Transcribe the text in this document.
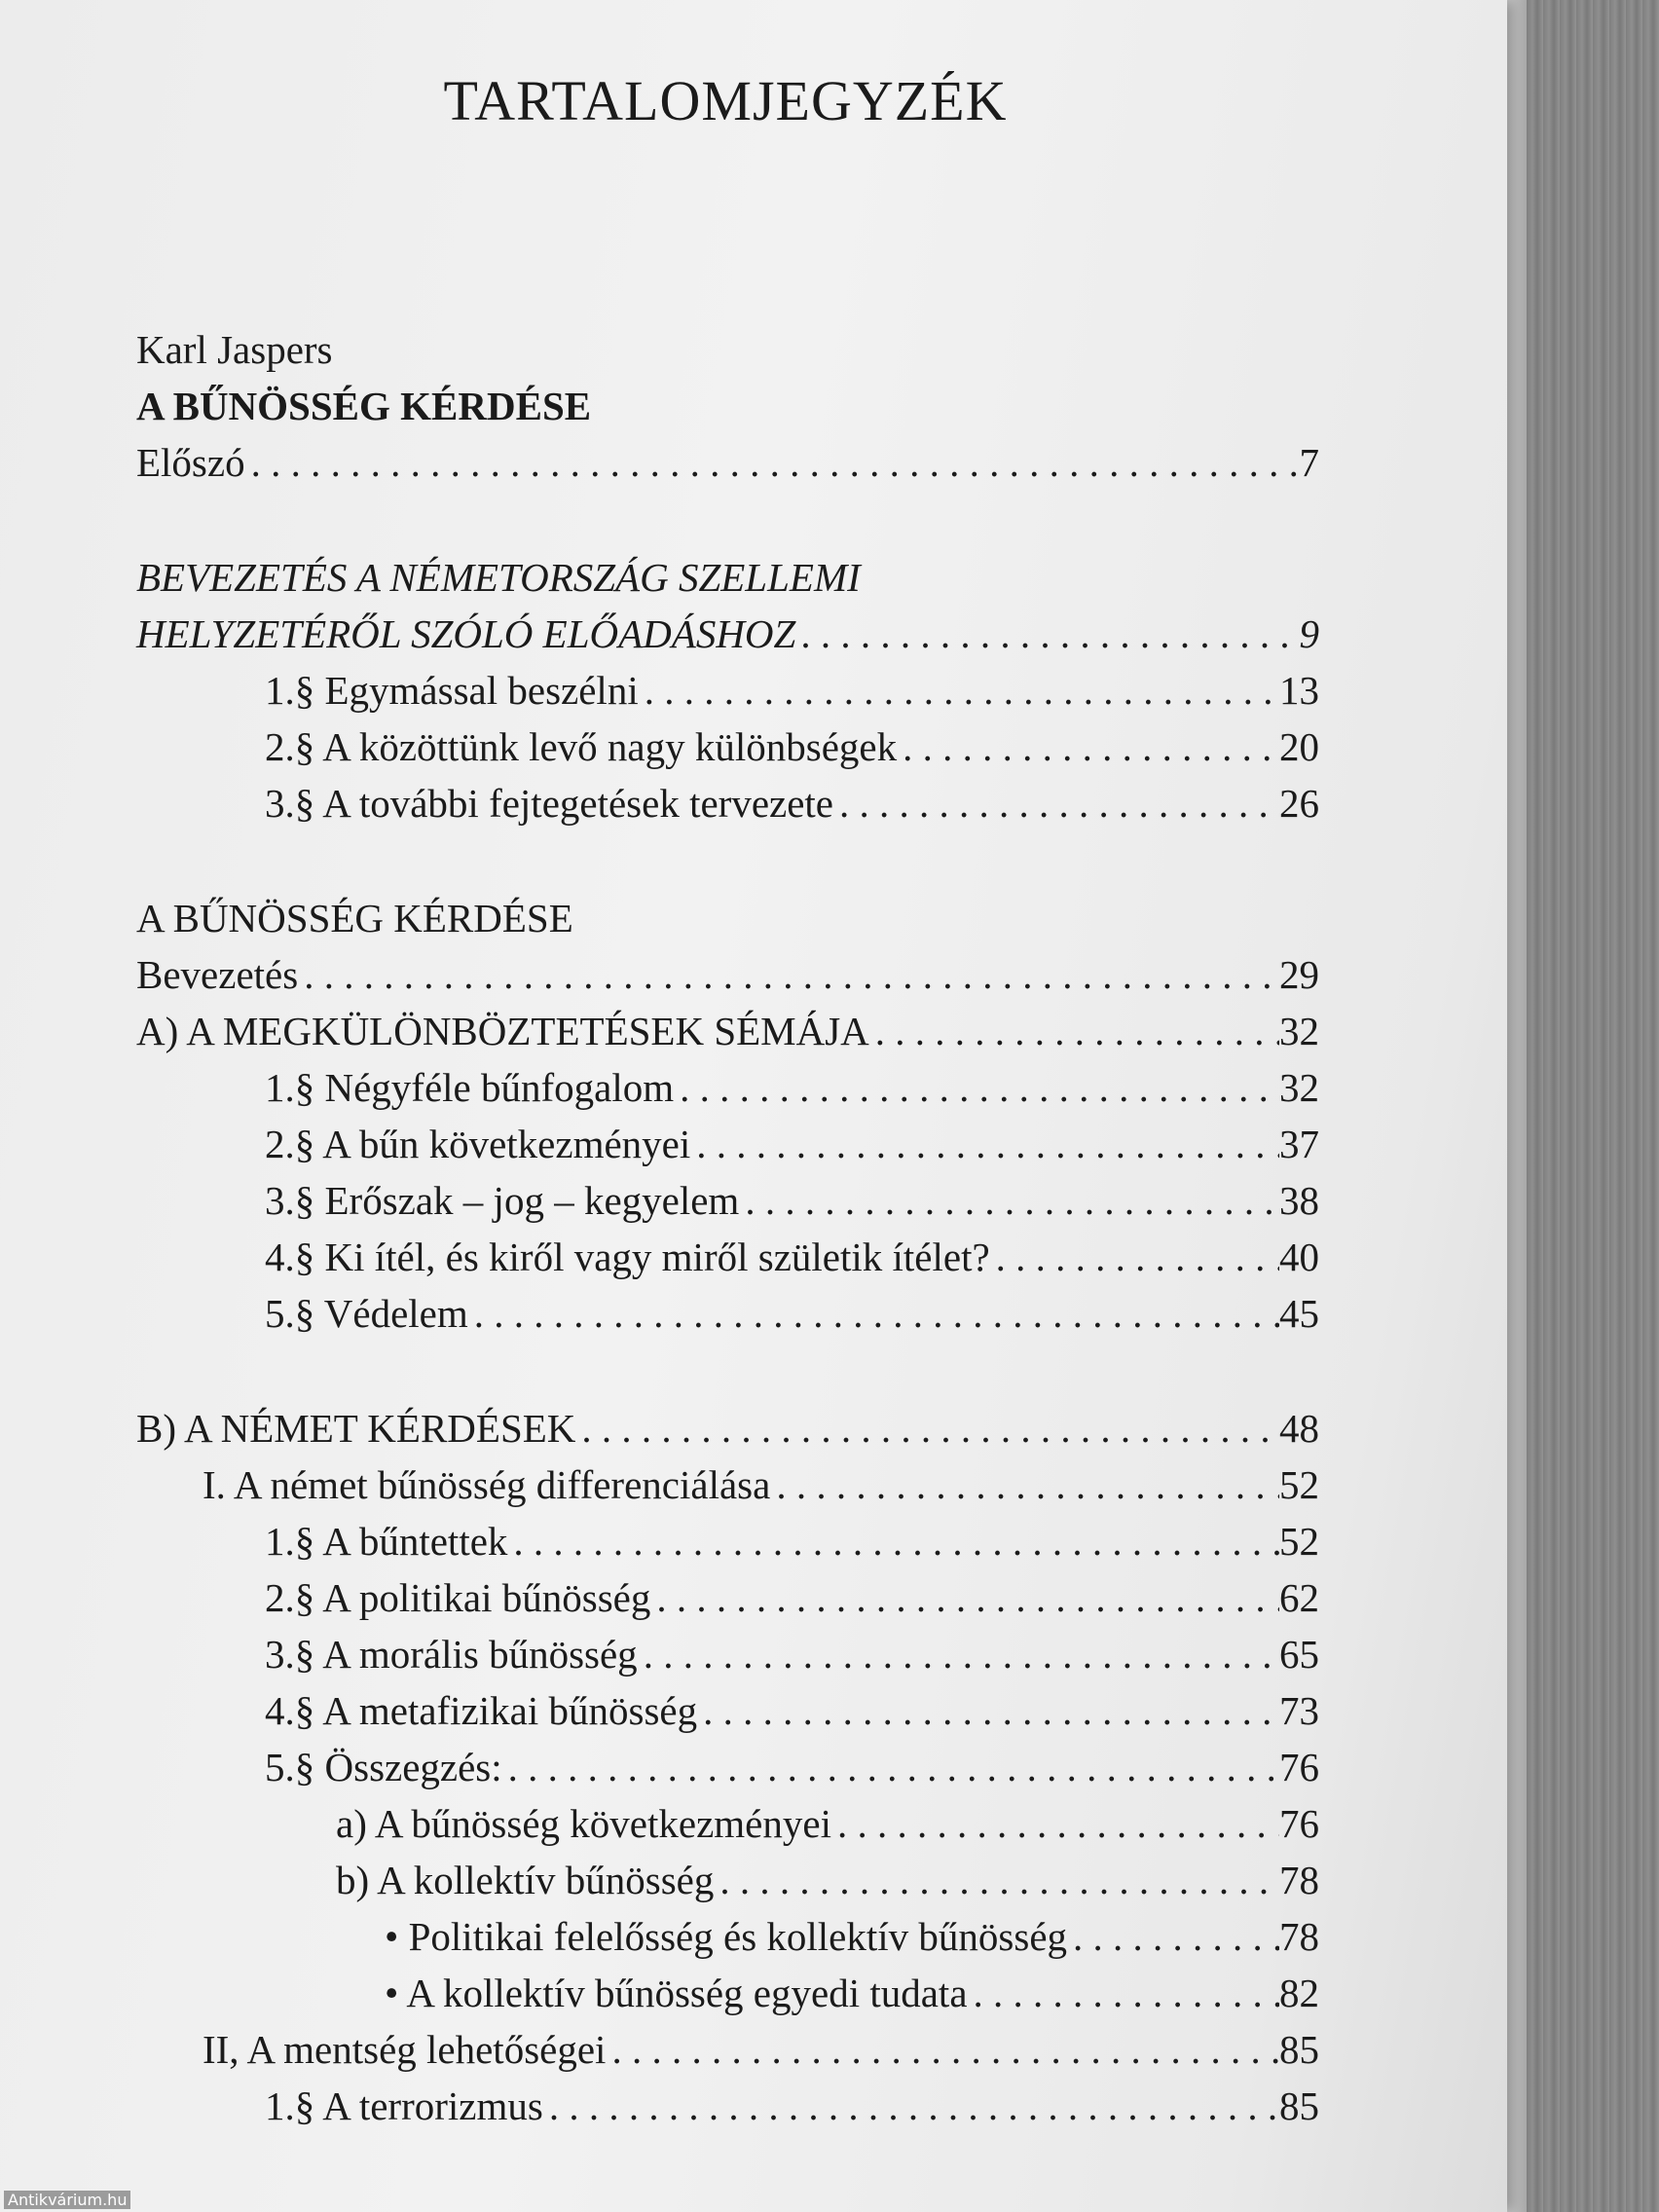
TARTALOMJEGYZÉK
Karl Jaspers
A BŰNÖSSÉG KÉRDÉSE
Előszó . . .	7
BEVEZETÉS A NÉMETORSZÁG SZELLEMI
HELYZETÉRŐL SZÓLÓ ELŐADÁSHOZ . . .	9
1.§ Egymással beszélni . . .	13
2.§ A közöttünk levő nagy különbségek . . .	20
3.§ A további fejtegetések tervezete . . .	26
A BŰNÖSSÉG KÉRDÉSE
Bevezetés . . .	29
A) A MEGKÜLÖNBÖZTETÉSEK SÉMÁJA . . .	32
1.§ Négyféle bűnfogalom . . .	32
2.§ A bűn következményei . . .	37
3.§ Erőszak – jog – kegyelem . . .	38
4.§ Ki ítél, és kiről vagy miről születik ítélet? . . .	40
5.§ Védelem . . .	45
B) A NÉMET KÉRDÉSEK . . .	48
I. A német bűnösség differenciálása . . .	52
1.§ A bűntettek . . .	52
2.§ A politikai bűnösség . . .	62
3.§ A morális bűnösség . . .	65
4.§ A metafizikai bűnösség . . .	73
5.§ Összegzés: . . .	76
a) A bűnösség következményei . . .	76
b) A kollektív bűnösség . . .	78
• Politikai felelősség és kollektív bűnösség . . .	78
• A kollektív bűnösség egyedi tudata . . .	82
II, A mentség lehetőségei . . .	85
1.§ A terrorizmus . . .	85
Antikvárium.hu
